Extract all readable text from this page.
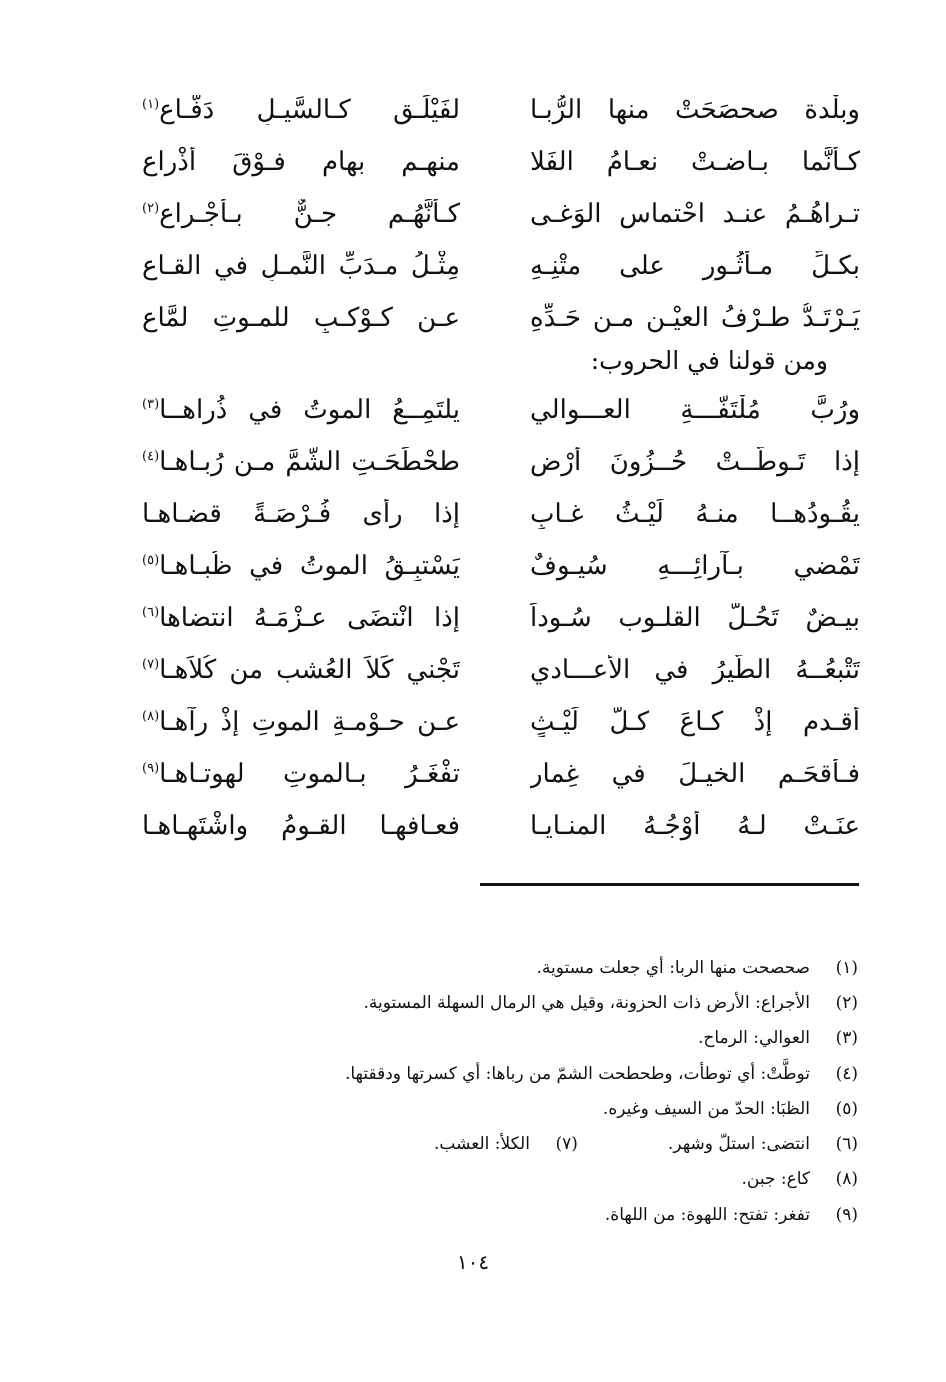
وبلْدة صحصَحَتْ منها الرُّبـا
لفَيْلَـقٍ كـالسَّيـلِ دَفَّـاعِ$^{(١)}$
كـأنَّما بـاضـتْ نعـامُ الفَلا
منهـم بهامٍ فـوْقَ أذْراعِ
تـراهُـمُ عنـد احْتماسِ الوَغـى
كـأنَّهُـم جـنٌّ بـأجْـراعِ$^{(٢)}$
بكـلِّ مـأثُـورٍ على متْنِـهِ
مِثْـلُ مـدَبِّ النَّمـلِ في القـاعِ
يَـرْتَـدُّ طـرْفُ العيْـنِ مـن حَـدِّهِ
عـن كـوْكـبٍ للمـوتِ لمَّاعِ
ومن قولنا في الحروب:
ورُبَّ مُلْتَفَّـــةِ العـــوالي
يلتَمِــعُ الموتُ في ذُراهــا$^{(٣)}$
إذا تَـوطَّــتْ حُــزُونَ أرْضٍ
طحْطَحَـتِ الشُّمَّ مـن رُبـاهـا$^{(٤)}$
يقُـودُهــا منـهُ لَيْـثُ غـابٍ
إذا رأى فُـرْصَـةً قضـاهـا
تَمْضي بـآرائِـــهِ سُيـوفٌ
يَسْتبِـقُ الموتُ في ظُبـاهـا$^{(٥)}$
بيـضٌ تَحُـلُّ القلـوب سُـوداً
إذا انْتضَى عـزْمَـهُ انتضاها$^{(٦)}$
تَتْبعُــهُ الطَّيرُ في الأعـــادي
تَجْني كَلاَ العُشب من كُلاَهـا$^{(٧)}$
أقـدم إذْ كـاعَ كـلُّ لَيْـثٍ
عـن حـوْمـةِ الموتِ إذْ رآهـا$^{(٨)}$
فـأقحَـم الخيـلَ في غِمارٍ
تفْغَـرُ بـالموتِ لهوتـاهـا$^{(٩)}$
عنَـتْ لـهُ أوْجُـهُ المنـايـا
فعـافهـا القـومُ واشْتَهـاهـا
(١)
صحصحت منها الربا: أي جعلت مستوية.
(٢)
الأجراع: الأرض ذات الحزونة، وقيل هي الرمال السهلة المستوية.
(٣)
العوالي: الرماح.
(٤)
توطَّتْ: أي توطأت، وطحطحت الشمّ من رباها: أي كسرتها ودققتها.
(٥)
الظبَا: الحدّ من السيف وغيره.
(٦)
انتضى: استلّ وشهر.
(٧)
الكلأ: العشب.
(٨)
كاع: جبن.
(٩)
تفغر: تفتح: اللهوة: من اللهاة.
١٠٤
